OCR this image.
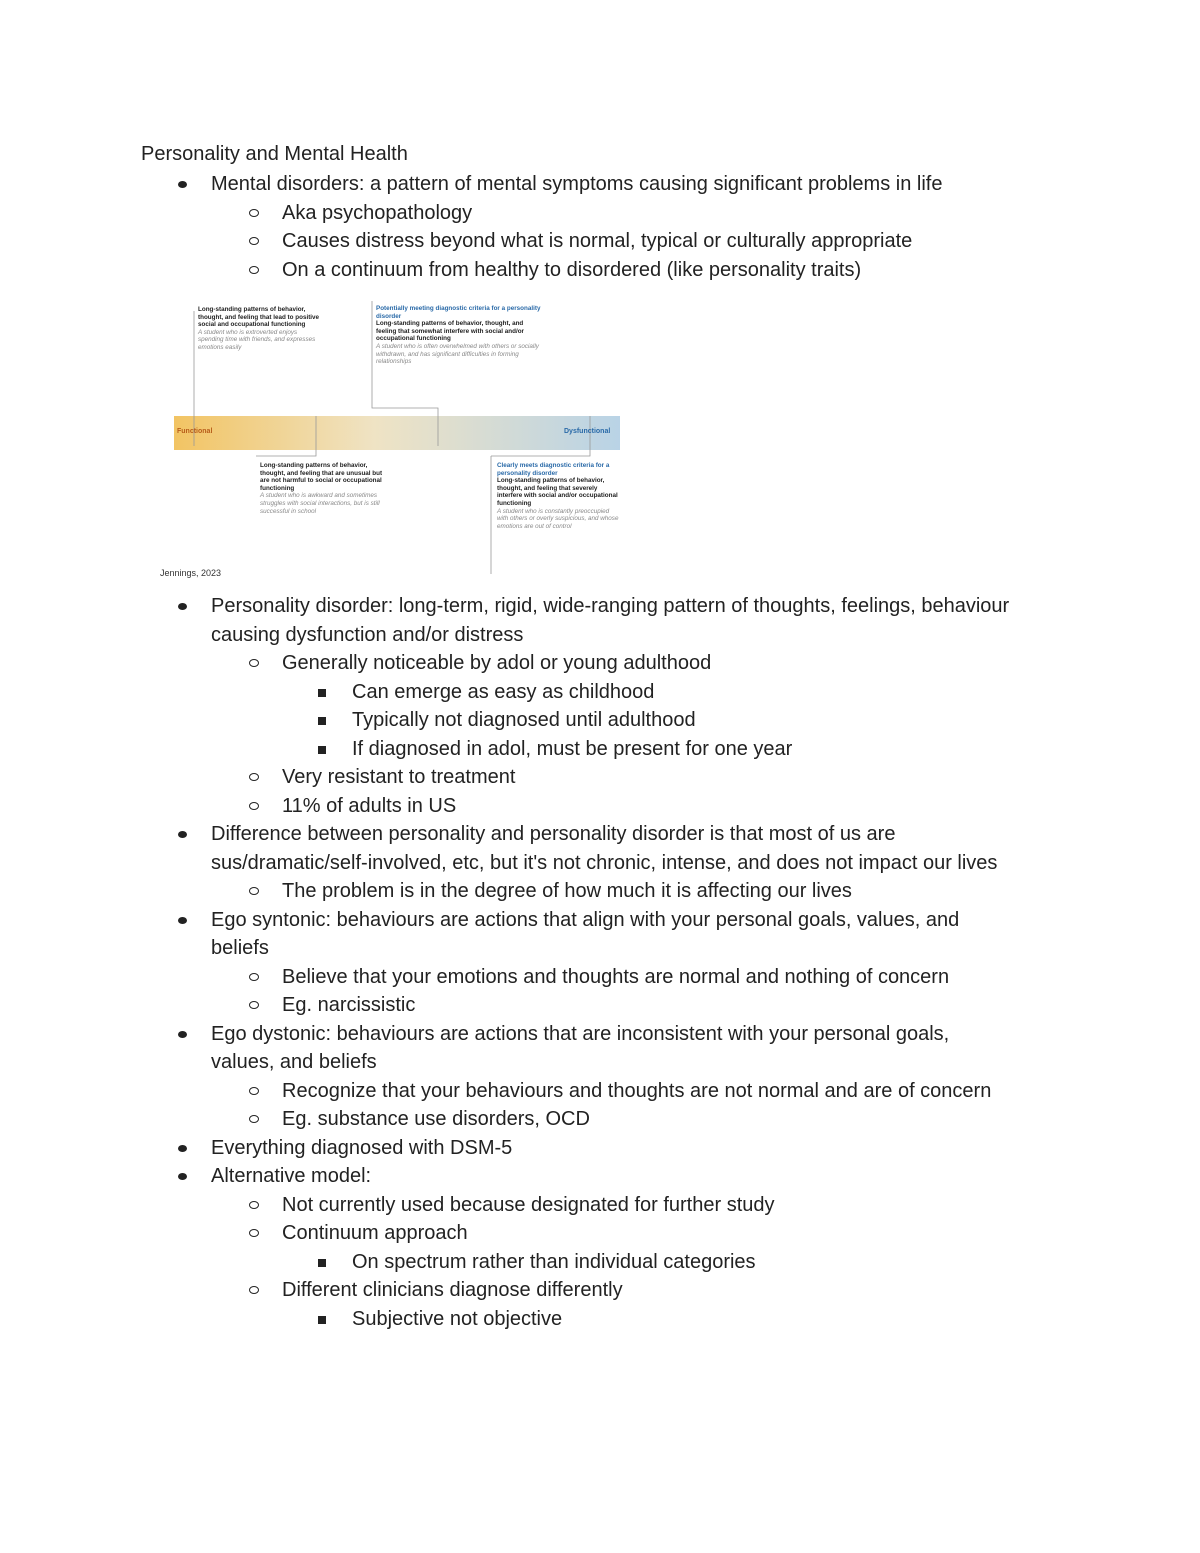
Personality and Mental Health
Mental disorders: a pattern of mental symptoms causing significant problems in life
Aka psychopathology
Causes distress beyond what is normal, typical or culturally appropriate
On a continuum from healthy to disordered (like personality traits)
Functional	Dysfunctional
Long-standing patterns of behavior, thought, and feeling that lead to positive social and occupational functioning
A student who is extroverted enjoys spending time with friends, and expresses emotions easily
Potentially meeting diagnostic criteria for a personality disorder
Long-standing patterns of behavior, thought, and feeling that somewhat interfere with social and/or occupational functioning
A student who is often overwhelmed with others or socially withdrawn, and has significant difficulties in forming relationships
Long-standing patterns of behavior, thought, and feeling that are unusual but are not harmful to social or occupational functioning
A student who is awkward and sometimes struggles with social interactions, but is still successful in school
Clearly meets diagnostic criteria for a personality disorder
Long-standing patterns of behavior, thought, and feeling that severely interfere with social and/or occupational functioning
A student who is constantly preoccupied with others or overly suspicious, and whose emotions are out of control
Jennings, 2023
Personality disorder: long-term, rigid, wide-ranging pattern of thoughts, feelings, behaviour causing dysfunction and/or distress
Generally noticeable by adol or young adulthood
Can emerge as easy as childhood
Typically not diagnosed until adulthood
If diagnosed in adol, must be present for one year
Very resistant to treatment
11% of adults in US
Difference between personality and personality disorder is that most of us are sus/dramatic/self-involved, etc, but it's not chronic, intense, and does not impact our lives
The problem is in the degree of how much it is affecting our lives
Ego syntonic: behaviours are actions that align with your personal goals, values, and beliefs
Believe that your emotions and thoughts are normal and nothing of concern
Eg. narcissistic
Ego dystonic: behaviours are actions that are inconsistent with your personal goals, values, and beliefs
Recognize that your behaviours and thoughts are not normal and are of concern
Eg. substance use disorders, OCD
Everything diagnosed with DSM-5
Alternative model:
Not currently used because designated for further study
Continuum approach
On spectrum rather than individual categories
Different clinicians diagnose differently
Subjective not objective
